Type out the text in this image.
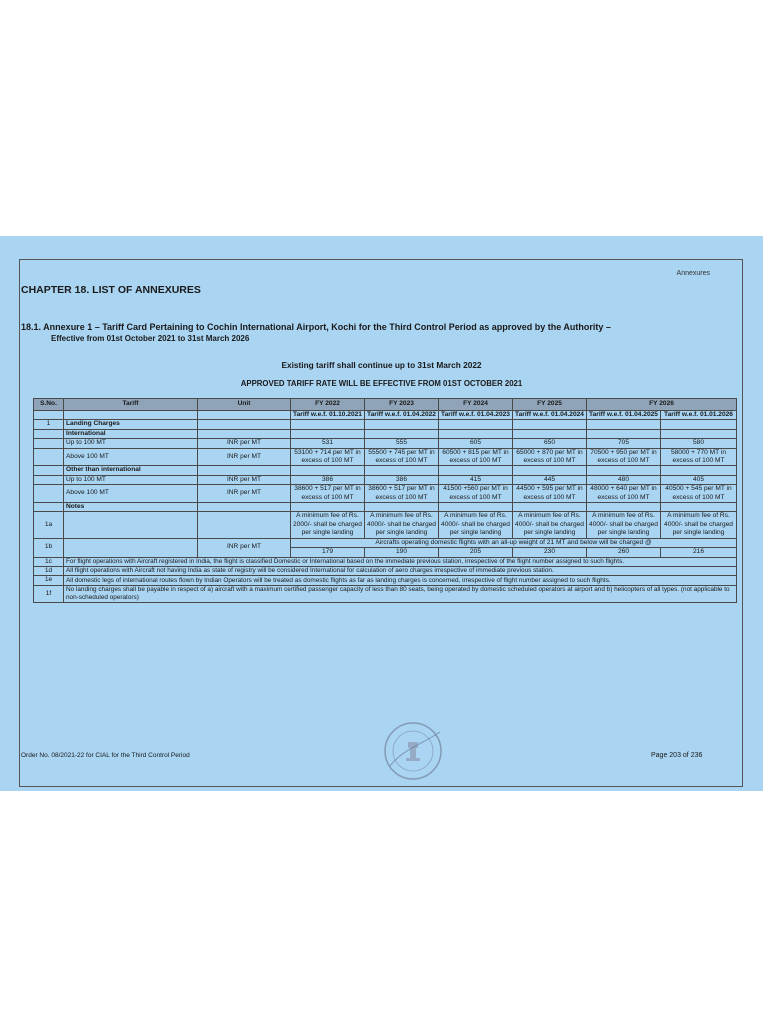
Annexures
CHAPTER 18. LIST OF ANNEXURES
18.1. Annexure 1 – Tariff Card Pertaining to Cochin International Airport, Kochi for the Third Control Period as approved by the Authority –
Effective from 01st October 2021 to 31st March 2026
Existing tariff shall continue up to 31st March 2022
APPROVED TARIFF RATE WILL BE EFFECTIVE FROM 01ST OCTOBER 2021
S.No.	Tariff	Unit	FY 2022	FY 2023	FY 2024	FY 2025	FY 2026	
			Tariff w.e.f. 01.10.2021	Tariff w.e.f. 01.04.2022	Tariff w.e.f. 01.04.2023	Tariff w.e.f. 01.04.2024	Tariff w.e.f. 01.04.2025	Tariff w.e.f. 01.01.2026
1	Landing Charges							
	International							
	Up to 100 MT	INR per MT	531	555	605	650	705	580
	Above 100 MT	INR per MT	53100 + 714 per MT in excess of 100 MT	55500 + 745 per MT in excess of 100 MT	60500 + 815 per MT in excess of 100 MT	65000 + 870 per MT in excess of 100 MT	70500 + 950 per MT in excess of 100 MT	58000 + 770 MT in excess of 100 MT
	Other than international							
	Up to 100 MT	INR per MT	386	386	415	445	480	405
	Above 100 MT	INR per MT	38600 + 517 per MT in excess of 100 MT	38600 + 517 per MT in excess of 100 MT	41500 +560 per MT in excess of 100 MT	44500 + 595 per MT in excess of 100 MT	48000 + 640 per MT in excess of 100 MT	40500 + 545 per MT in excess of 100 MT
	Notes							
1a			A minimum fee of Rs. 2000/- shall be charged per single landing	A minimum fee of Rs. 4000/- shall be charged per single landing	A minimum fee of Rs. 4000/- shall be charged per single landing	A minimum fee of Rs. 4000/- shall be charged per single landing	A minimum fee of Rs. 4000/- shall be charged per single landing	A minimum fee of Rs. 4000/- shall be charged per single landing
1b		INR per MT	Aircrafts operating domestic flights with an all-up weight of 21 MT and below will be charged @					
			179	190	205	230	260	216
1c	For flight operations with Aircraft registered in India, the flight is classified Domestic or International based on the immediate previous station, irrespective of the flight number assigned to such flights.							
1d	All flight operations with Aircraft not having India as state of registry will be considered International for calculation of aero charges irrespective of immediate previous station.							
1e	All domestic legs of international routes flown by Indian Operators will be treated as domestic flights as far as landing charges is concerned, irrespective of flight number assigned to such flights.							
1f	No landing charges shall be payable in respect of a) aircraft with a maximum certified passenger capacity of less than 80 seats, being operated by domestic scheduled operators at airport and b) helicopters of all types. (not applicable to non-scheduled operators)							
Order No. 08/2021-22 for CIAL for the Third Control Period	Page 203 of 236
